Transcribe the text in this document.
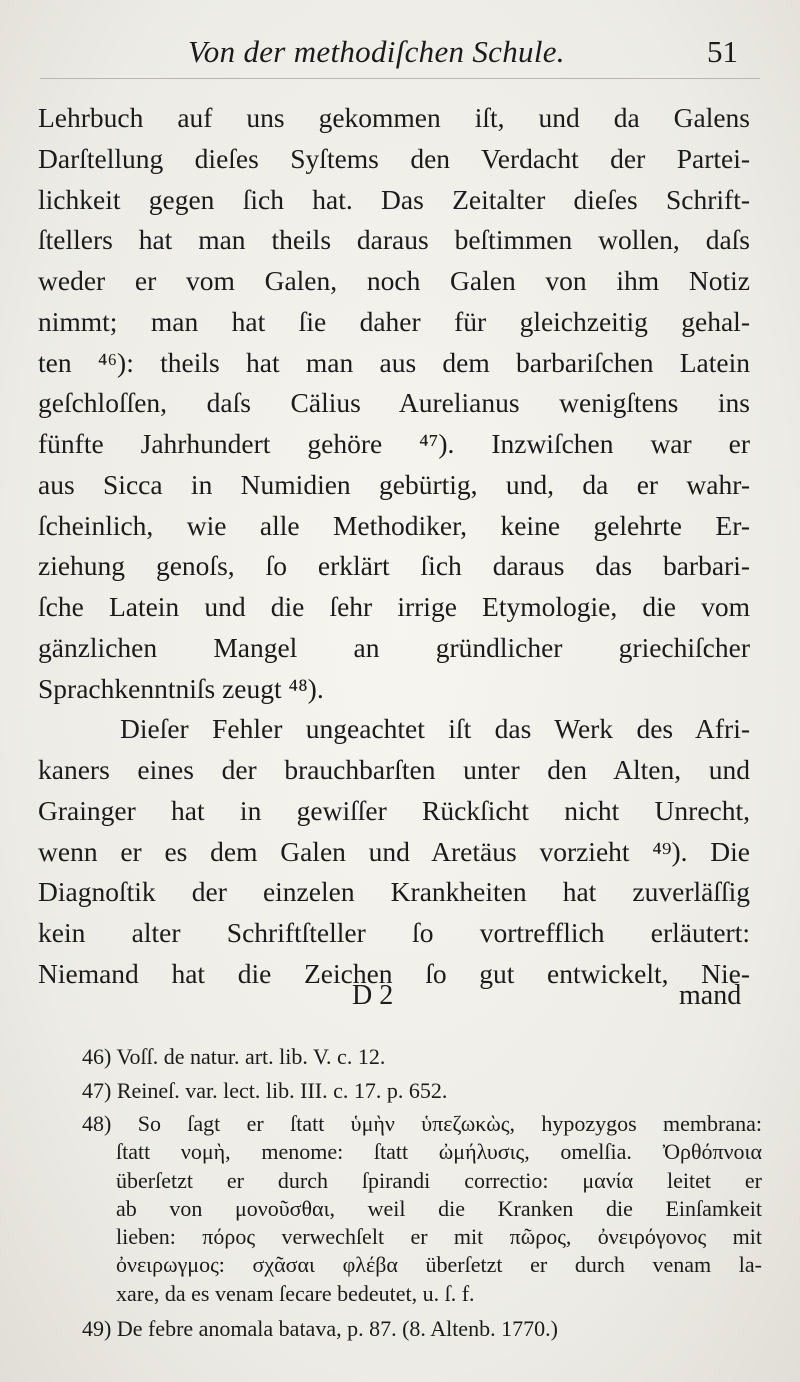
Von der methodiſchen Schule.	51
Lehrbuch auf uns gekommen iſt, und da Galens
Darſtellung dieſes Syſtems den Verdacht der Partei-
lichkeit gegen ſich hat. Das Zeitalter dieſes Schrift-
ſtellers hat man theils daraus beſtimmen wollen, daſs
weder er vom Galen, noch Galen von ihm Notiz
nimmt; man hat ſie daher für gleichzeitig gehal-
ten ⁴⁶): theils hat man aus dem barbariſchen Latein
geſchloſſen, daſs Cälius Aurelianus wenigſtens ins
fünfte Jahrhundert gehöre ⁴⁷). Inzwiſchen war er
aus Sicca in Numidien gebürtig, und, da er wahr-
ſcheinlich, wie alle Methodiker, keine gelehrte Er-
ziehung genoſs, ſo erklärt ſich daraus das barbari-
ſche Latein und die ſehr irrige Etymologie, die vom
gänzlichen Mangel an gründlicher griechiſcher
Sprachkenntniſs zeugt ⁴⁸).
Dieſer Fehler ungeachtet iſt das Werk des Afri-
kaners eines der brauchbarſten unter den Alten, und
Grainger hat in gewiſſer Rückſicht nicht Unrecht,
wenn er es dem Galen und Aretäus vorzieht ⁴⁹). Die
Diagnoſtik der einzelen Krankheiten hat zuverläſſig
kein alter Schriftſteller ſo vortrefflich erläutert:
Niemand hat die Zeichen ſo gut entwickelt, Nie-
D 2	mand
46) Voſſ. de natur. art. lib. V. c. 12.
47) Reineſ. var. lect. lib. III. c. 17. p. 652.
48) So ſagt er ſtatt ὑμὴν ὑπεζωκὼς, hypozygos membrana:
ſtatt νομὴ, menome: ſtatt ὠμήλυσις, omelſia. Ὀρθόπνοια
überſetzt er durch ſpirandi correctio: μανία leitet er
ab von μονοῦσθαι, weil die Kranken die Einſamkeit
lieben: πόρος verwechſelt er mit πῶρος, ὀνειρόγονος mit
ὀνειρωγμος: σχᾶσαι φλέβα überſetzt er durch venam la-
xare, da es venam ſecare bedeutet, u. ſ. f.
49) De febre anomala batava, p. 87. (8. Altenb. 1770.)
